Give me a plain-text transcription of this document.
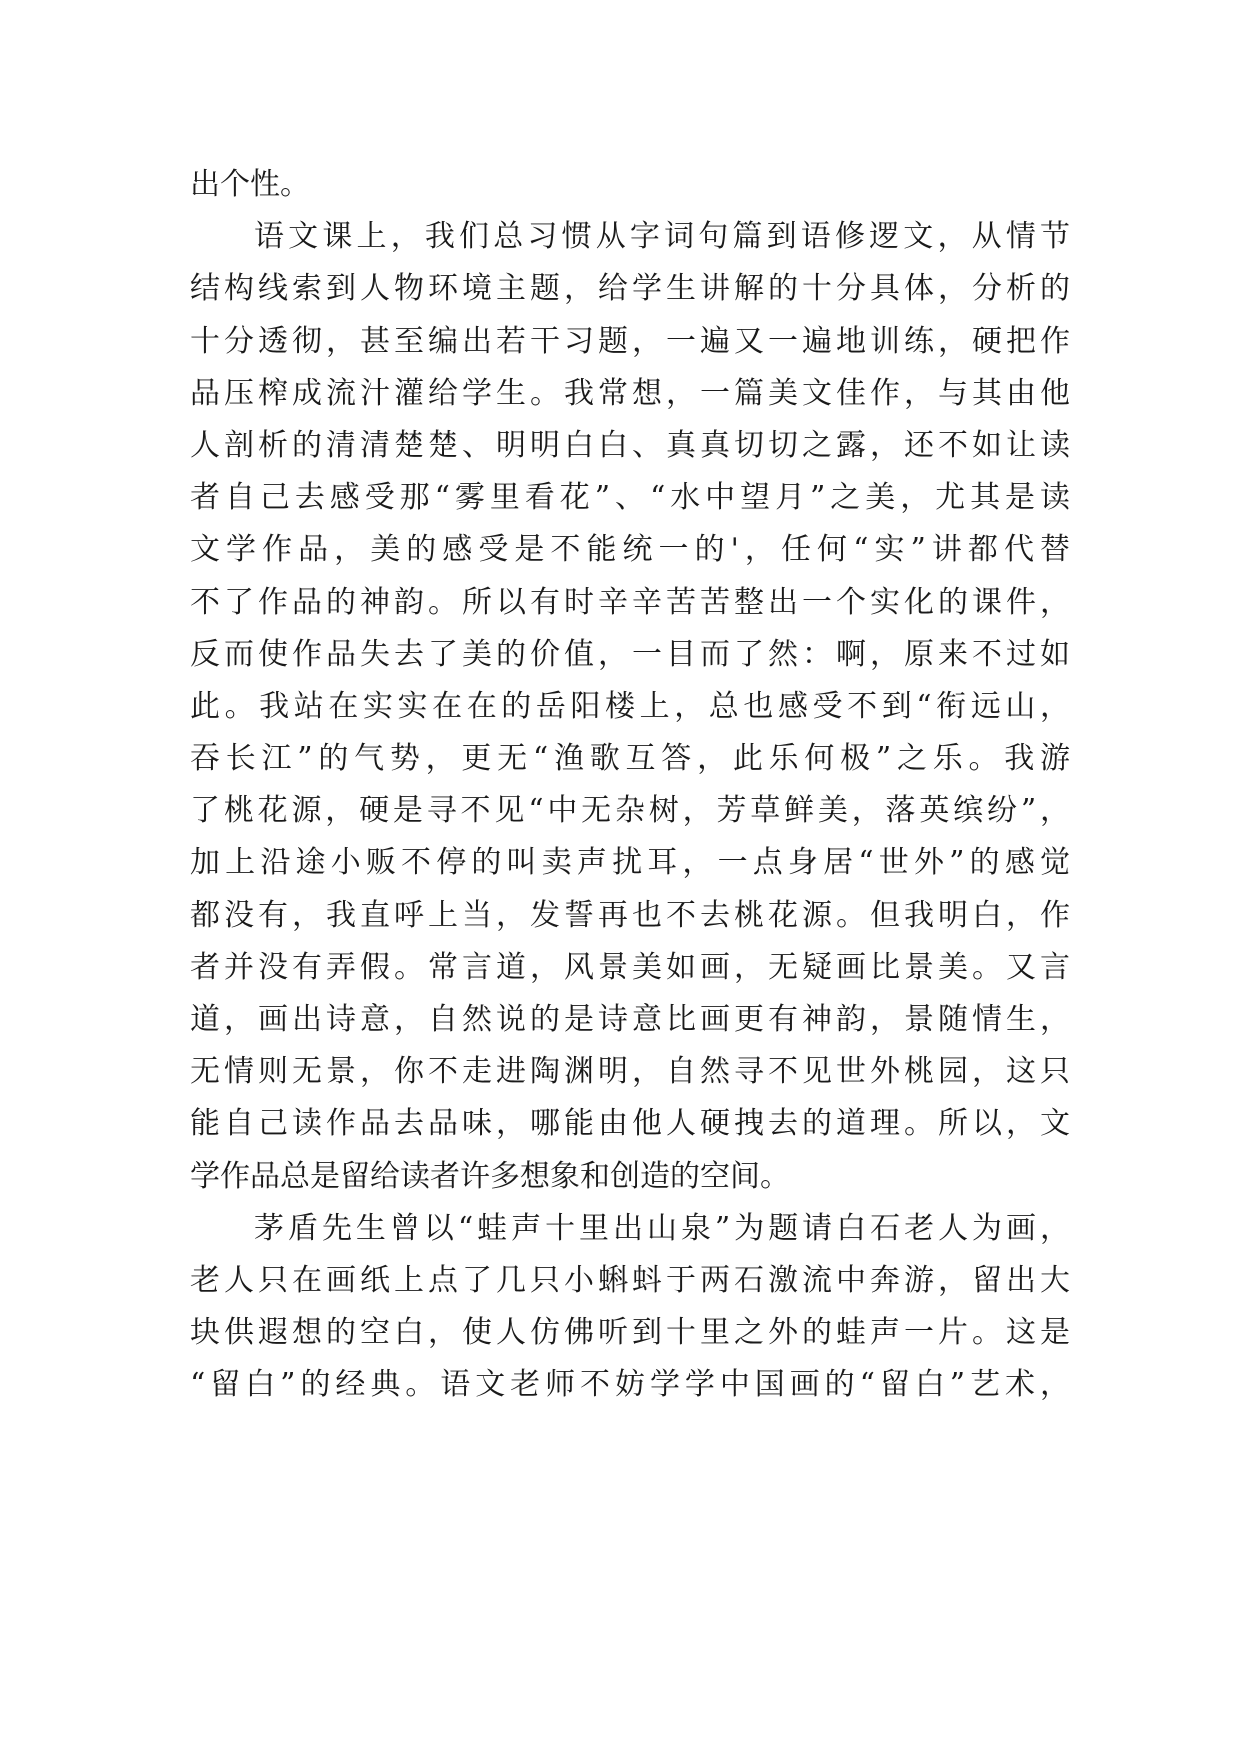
出个性。
语文课上，我们总习惯从字词句篇到语修逻文，从情节
结构线索到人物环境主题，给学生讲解的十分具体，分析的
十分透彻，甚至编出若干习题，一遍又一遍地训练，硬把作
品压榨成流汁灌给学生。我常想，一篇美文佳作，与其由他
人剖析的清清楚楚、明明白白、真真切切之露，还不如让读
者自己去感受那“雾里看花”、“水中望月”之美，尤其是读
文学作品，美的感受是不能统一的'，任何“实”讲都代替
不了作品的神韵。所以有时辛辛苦苦整出一个实化的课件，
反而使作品失去了美的价值，一目而了然：啊，原来不过如
此。我站在实实在在的岳阳楼上，总也感受不到“衔远山，
吞长江”的气势，更无“渔歌互答，此乐何极”之乐。我游
了桃花源，硬是寻不见“中无杂树，芳草鲜美，落英缤纷”，
加上沿途小贩不停的叫卖声扰耳，一点身居“世外”的感觉
都没有，我直呼上当，发誓再也不去桃花源。但我明白，作
者并没有弄假。常言道，风景美如画，无疑画比景美。又言
道，画出诗意，自然说的是诗意比画更有神韵，景随情生，
无情则无景，你不走进陶渊明，自然寻不见世外桃园，这只
能自己读作品去品味，哪能由他人硬拽去的道理。所以，文
学作品总是留给读者许多想象和创造的空间。
茅盾先生曾以“蛙声十里出山泉”为题请白石老人为画，
老人只在画纸上点了几只小蝌蚪于两石激流中奔游，留出大
块供遐想的空白，使人仿佛听到十里之外的蛙声一片。这是
“留白”的经典。语文老师不妨学学中国画的“留白”艺术，
